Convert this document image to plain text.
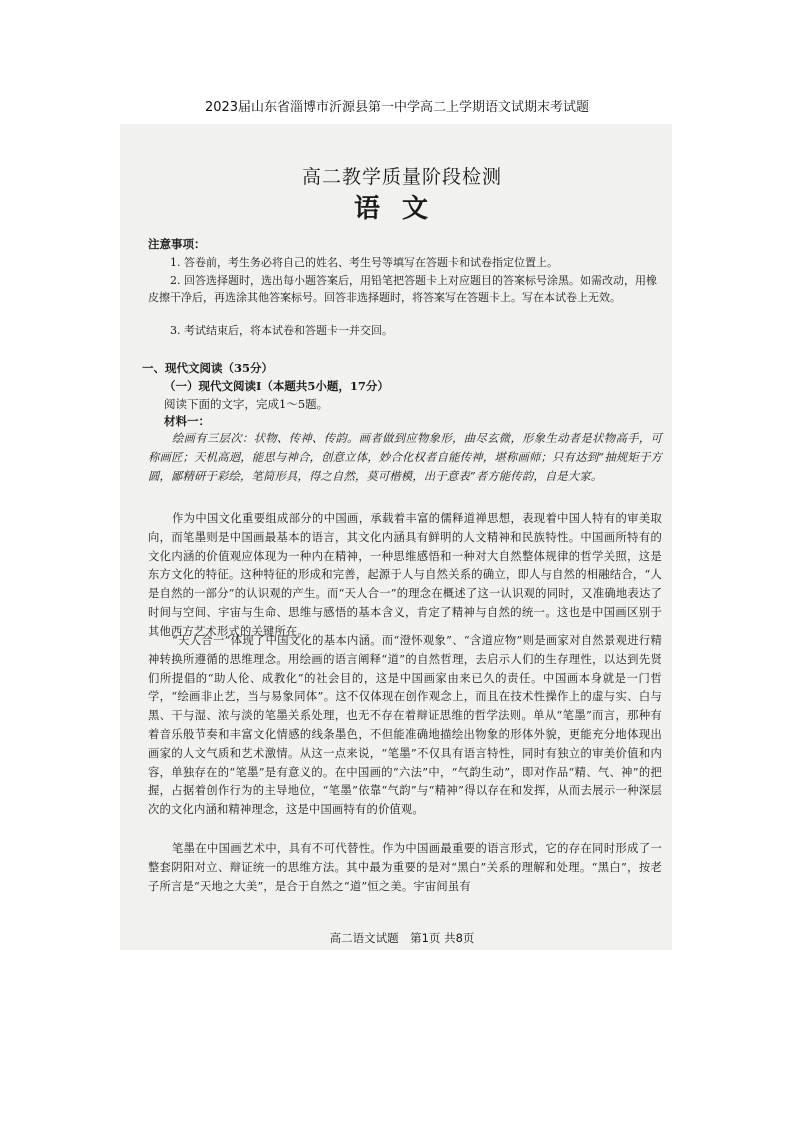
2023届山东省淄博市沂源县第一中学高二上学期语文试期末考试题
高二教学质量阶段检测
语文
注意事项：
1. 答卷前，考生务必将自己的姓名、考生号等填写在答题卡和试卷指定位置上。
2. 回答选择题时，选出每小题答案后，用铅笔把答题卡上对应题目的答案标号涂黑。如需改动，用橡皮擦干净后，再选涂其他答案标号。回答非选择题时，将答案写在答题卡上。写在本试卷上无效。
3. 考试结束后，将本试卷和答题卡一并交回。
一、现代文阅读（35分）
（一）现代文阅读Ⅰ（本题共5小题，17分）
阅读下面的文字，完成1～5题。
材料一：
绘画有三层次：状物、传神、传韵。画者做到应物象形，曲尽玄微，形象生动者是状物高手，可称画匠；天机高迥，能思与神合，创意立体，妙合化权者自能传神，堪称画师；只有达到“抽规矩于方圆，鄙精研于彩绘，笔简形具，得之自然，莫可楷模，出于意表”者方能传韵，自是大家。
作为中国文化重要组成部分的中国画，承载着丰富的儒释道禅思想，表现着中国人特有的审美取向，而笔墨则是中国画最基本的语言，其文化内涵具有鲜明的人文精神和民族特性。中国画所特有的文化内涵的价值观应体现为一种内在精神，一种思维感悟和一种对大自然整体规律的哲学关照，这是东方文化的特征。这种特征的形成和完善，起源于人与自然关系的确立，即人与自然的相融结合，“人是自然的一部分”的认识观的产生。而“天人合一”的理念在概述了这一认识观的同时，又准确地表达了时间与空间、宇宙与生命、思维与感悟的基本含义，肯定了精神与自然的统一。这也是中国画区别于其他西方艺术形式的关键所在。
“天人合一”体现了中国文化的基本内涵。而“澄怀观象”、“含道应物”则是画家对自然景观进行精神转换所遵循的思维理念。用绘画的语言阐释“道”的自然哲理，去启示人们的生存理性，以达到先贤们所提倡的“助人伦、成教化”的社会目的，这是中国画家由来已久的责任。中国画本身就是一门哲学，“绘画非止艺，当与易象同体”。这不仅体现在创作观念上，而且在技术性操作上的虚与实、白与黑、干与湿、浓与淡的笔墨关系处理，也无不存在着辩证思维的哲学法则。单从“笔墨”而言，那种有着音乐般节奏和丰富文化情感的线条墨色，不但能准确地描绘出物象的形体外貌，更能充分地体现出画家的人文气质和艺术激情。从这一点来说，“笔墨”不仅具有语言特性，同时有独立的审美价值和内容，单独存在的“笔墨”是有意义的。在中国画的“六法”中，“气韵生动”，即对作品“精、气、神”的把握，占据着创作行为的主导地位，“笔墨”依靠“气韵”与“精神”得以存在和发挥，从而去展示一种深层次的文化内涵和精神理念，这是中国画特有的价值观。
笔墨在中国画艺术中，具有不可代替性。作为中国画最重要的语言形式，它的存在同时形成了一整套阴阳对立、辩证统一的思维方法。其中最为重要的是对“黑白”关系的理解和处理。“黑白”，按老子所言是“天地之大美”，是合于自然之“道”恒之美。宇宙间虽有
高二语文试题　第1页 共8页
